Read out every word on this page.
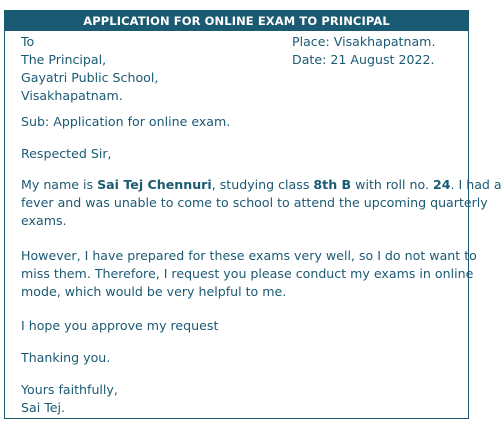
APPLICATION FOR ONLINE EXAM TO PRINCIPAL
To
The Principal,
Gayatri Public School,
Visakhapatnam.
Place: Visakhapatnam.
Date: 21 August 2022.
Sub: Application for online exam.
Respected Sir,
My name is Sai Tej Chennuri, studying class 8th B with roll no. 24. I had a
fever and was unable to come to school to attend the upcoming quarterly
exams.
However, I have prepared for these exams very well, so I do not want to
miss them. Therefore, I request you please conduct my exams in online
mode, which would be very helpful to me.
I hope you approve my request
Thanking you.
Yours faithfully,
Sai Tej.
